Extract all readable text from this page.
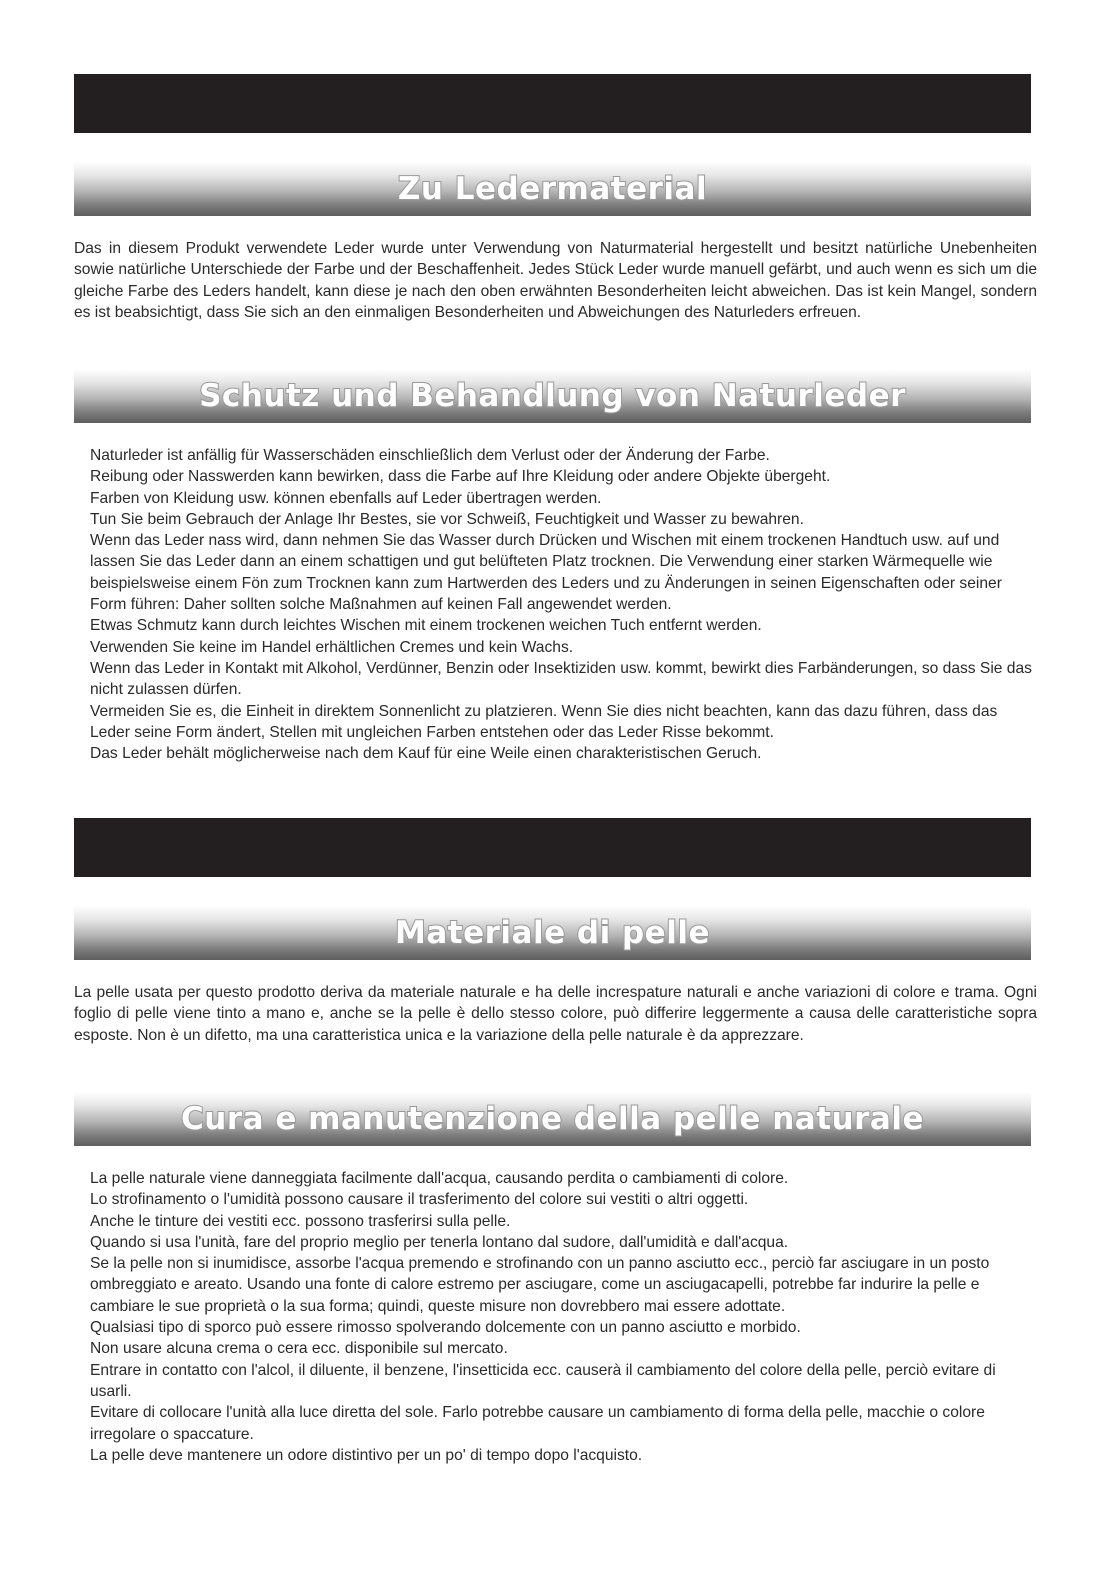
Zu Ledermaterial

Das in diesem Produkt verwendete Leder wurde unter Verwendung von Naturmaterial hergestellt und besitzt natürliche Unebenheiten sowie natürliche Unterschiede der Farbe und der Beschaffenheit. Jedes Stück Leder wurde manuell gefärbt, und auch wenn es sich um die gleiche Farbe des Leders handelt, kann diese je nach den oben erwähnten Besonderheiten leicht abweichen. Das ist kein Mangel, sondern es ist beabsichtigt, dass Sie sich an den einmaligen Besonderheiten und Abweichungen des Naturleders erfreuen.

Schutz und Behandlung von Naturleder
Naturleder ist anfällig für Wasserschäden einschließlich dem Verlust oder der Änderung der Farbe.
Reibung oder Nasswerden kann bewirken, dass die Farbe auf Ihre Kleidung oder andere Objekte übergeht.
Farben von Kleidung usw. können ebenfalls auf Leder übertragen werden.
Tun Sie beim Gebrauch der Anlage Ihr Bestes, sie vor Schweiß, Feuchtigkeit und Wasser zu bewahren.
Wenn das Leder nass wird, dann nehmen Sie das Wasser durch Drücken und Wischen mit einem trockenen Handtuch usw. auf und lassen Sie das Leder dann an einem schattigen und gut belüfteten Platz trocknen. Die Verwendung einer starken Wärmequelle wie beispielsweise einem Fön zum Trocknen kann zum Hartwerden des Leders und zu Änderungen in seinen Eigenschaften oder seiner Form führen: Daher sollten solche Maßnahmen auf keinen Fall angewendet werden.
Etwas Schmutz kann durch leichtes Wischen mit einem trockenen weichen Tuch entfernt werden.
Verwenden Sie keine im Handel erhältlichen Cremes und kein Wachs.
Wenn das Leder in Kontakt mit Alkohol, Verdünner, Benzin oder Insektiziden usw. kommt, bewirkt dies Farbänderungen, so dass Sie das nicht zulassen dürfen.
Vermeiden Sie es, die Einheit in direktem Sonnenlicht zu platzieren. Wenn Sie dies nicht beachten, kann das dazu führen, dass das Leder seine Form ändert, Stellen mit ungleichen Farben entstehen oder das Leder Risse bekommt.
Das Leder behält möglicherweise nach dem Kauf für eine Weile einen charakteristischen Geruch.
Materiale di pelle

La pelle usata per questo prodotto deriva da materiale naturale e ha delle increspature naturali e anche variazioni di colore e trama. Ogni foglio di pelle viene tinto a mano e, anche se la pelle è dello stesso colore, può differire leggermente a causa delle caratteristiche sopra esposte. Non è un difetto, ma una caratteristica unica e la variazione della pelle naturale è da apprezzare.

Cura e manutenzione della pelle naturale
La pelle naturale viene danneggiata facilmente dall'acqua, causando perdita o cambiamenti di colore.
Lo strofinamento o l'umidità possono causare il trasferimento del colore sui vestiti o altri oggetti.
Anche le tinture dei vestiti ecc. possono trasferirsi sulla pelle.
Quando si usa l'unità, fare del proprio meglio per tenerla lontano dal sudore, dall'umidità e dall'acqua.
Se la pelle non si inumidisce, assorbe l'acqua premendo e strofinando con un panno asciutto ecc., perciò far asciugare in un posto ombreggiato e areato. Usando una fonte di calore estremo per asciugare, come un asciugacapelli, potrebbe far indurire la pelle e cambiare le sue proprietà o la sua forma; quindi, queste misure non dovrebbero mai essere adottate.
Qualsiasi tipo di sporco può essere rimosso spolverando dolcemente con un panno asciutto e morbido.
Non usare alcuna crema o cera ecc. disponibile sul mercato.
Entrare in contatto con l'alcol, il diluente, il benzene, l'insetticida ecc. causerà il cambiamento del colore della pelle, perciò evitare di usarli.
Evitare di collocare l'unità alla luce diretta del sole. Farlo potrebbe causare un cambiamento di forma della pelle, macchie o colore irregolare o spaccature.
La pelle deve mantenere un odore distintivo per un po' di tempo dopo l'acquisto.
